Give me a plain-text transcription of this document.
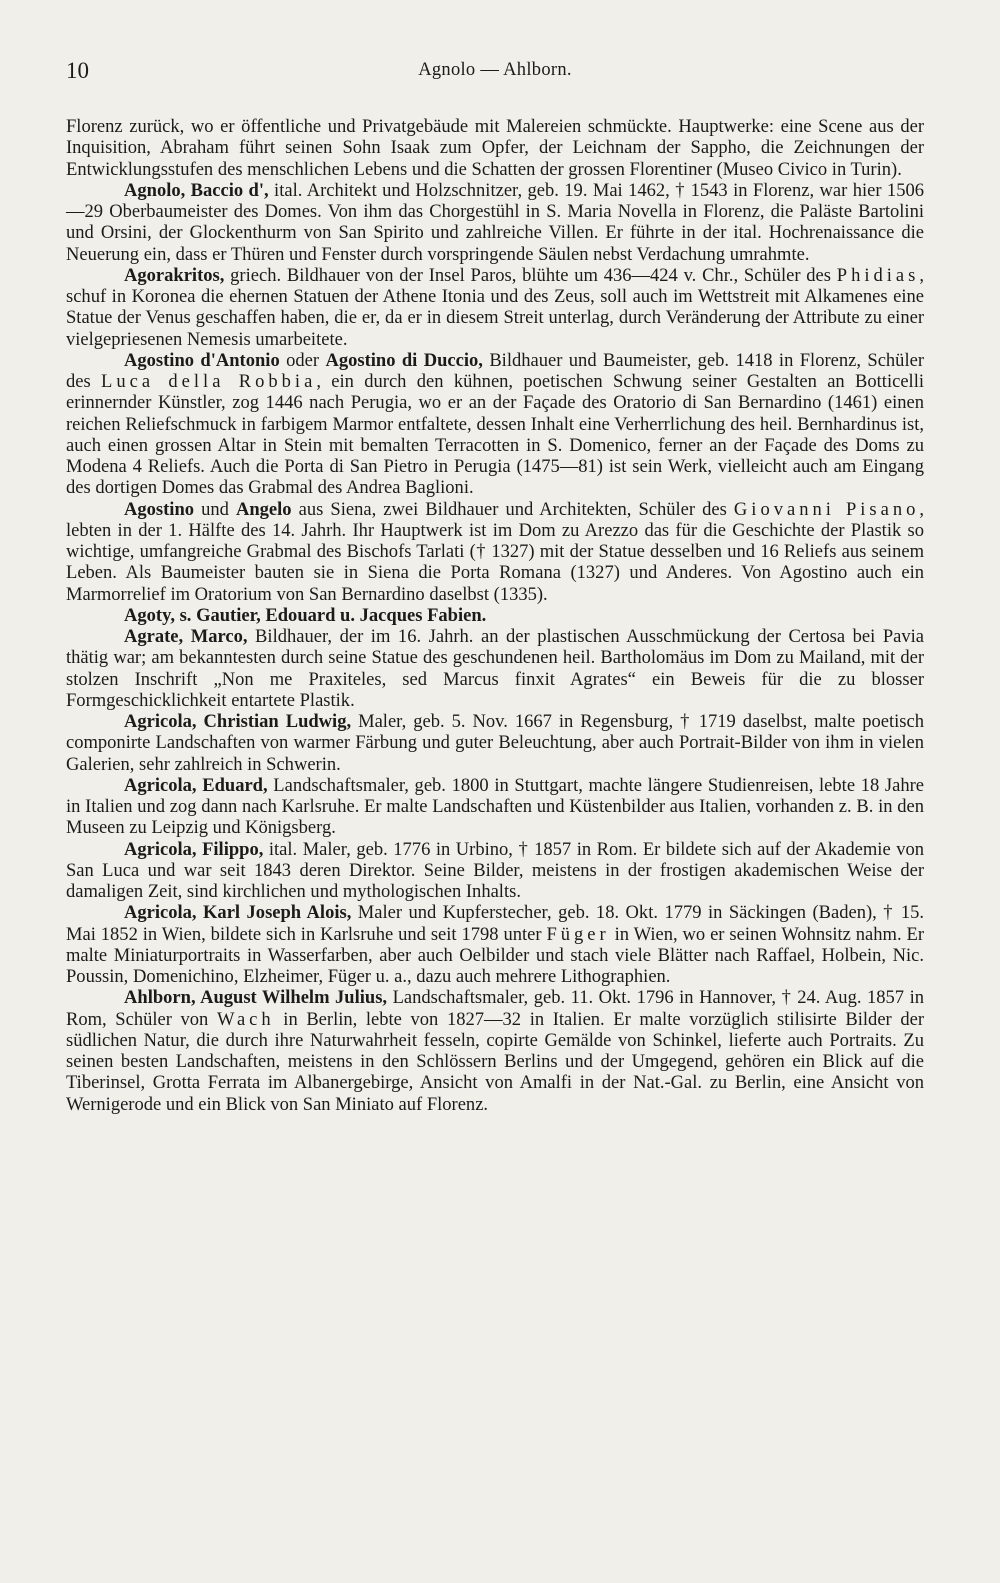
10	Agnolo — Ahlborn.

Florenz zurück, wo er öffentliche und Privatgebäude mit Malereien schmückte. Hauptwerke: eine Scene aus der Inquisition, Abraham führt seinen Sohn Isaak zum Opfer, der Leichnam der Sappho, die Zeichnungen der Entwicklungsstufen des menschlichen Lebens und die Schatten der grossen Florentiner (Museo Civico in Turin).

Agnolo, Baccio d', ital. Architekt und Holzschnitzer, geb. 19. Mai 1462, † 1543 in Florenz, war hier 1506—29 Oberbaumeister des Domes. Von ihm das Chorgestühl in S. Maria Novella in Florenz, die Paläste Bartolini und Orsini, der Glockenthurm von San Spirito und zahlreiche Villen. Er führte in der ital. Hochrenaissance die Neuerung ein, dass er Thüren und Fenster durch vorspringende Säulen nebst Verdachung umrahmte.

Agorakritos, griech. Bildhauer von der Insel Paros, blühte um 436—424 v. Chr., Schüler des Phidias, schuf in Koronea die ehernen Statuen der Athene Itonia und des Zeus, soll auch im Wettstreit mit Alkamenes eine Statue der Venus geschaffen haben, die er, da er in diesem Streit unterlag, durch Veränderung der Attribute zu einer vielgepriesenen Nemesis umarbeitete.

Agostino d'Antonio oder Agostino di Duccio, Bildhauer und Baumeister, geb. 1418 in Florenz, Schüler des Luca della Robbia, ein durch den kühnen, poetischen Schwung seiner Gestalten an Botticelli erinnernder Künstler, zog 1446 nach Perugia, wo er an der Façade des Oratorio di San Bernardino (1461) einen reichen Reliefschmuck in farbigem Marmor entfaltete, dessen Inhalt eine Verherrlichung des heil. Bernhardinus ist, auch einen grossen Altar in Stein mit bemalten Terracotten in S. Domenico, ferner an der Façade des Doms zu Modena 4 Reliefs. Auch die Porta di San Pietro in Perugia (1475—81) ist sein Werk, vielleicht auch am Eingang des dortigen Domes das Grabmal des Andrea Baglioni.

Agostino und Angelo aus Siena, zwei Bildhauer und Architekten, Schüler des Giovanni Pisano, lebten in der 1. Hälfte des 14. Jahrh. Ihr Hauptwerk ist im Dom zu Arezzo das für die Geschichte der Plastik so wichtige, umfangreiche Grabmal des Bischofs Tarlati († 1327) mit der Statue desselben und 16 Reliefs aus seinem Leben. Als Baumeister bauten sie in Siena die Porta Romana (1327) und Anderes. Von Agostino auch ein Marmorrelief im Oratorium von San Bernardino daselbst (1335).

Agoty, s. Gautier, Edouard u. Jacques Fabien.

Agrate, Marco, Bildhauer, der im 16. Jahrh. an der plastischen Ausschmückung der Certosa bei Pavia thätig war; am bekanntesten durch seine Statue des geschundenen heil. Bartholomäus im Dom zu Mailand, mit der stolzen Inschrift „Non me Praxiteles, sed Marcus finxit Agrates“ ein Beweis für die zu blosser Formgeschicklichkeit entartete Plastik.

Agricola, Christian Ludwig, Maler, geb. 5. Nov. 1667 in Regensburg, † 1719 daselbst, malte poetisch componirte Landschaften von warmer Färbung und guter Beleuchtung, aber auch Portrait-Bilder von ihm in vielen Galerien, sehr zahlreich in Schwerin.

Agricola, Eduard, Landschaftsmaler, geb. 1800 in Stuttgart, machte längere Studienreisen, lebte 18 Jahre in Italien und zog dann nach Karlsruhe. Er malte Landschaften und Küstenbilder aus Italien, vorhanden z. B. in den Museen zu Leipzig und Königsberg.

Agricola, Filippo, ital. Maler, geb. 1776 in Urbino, † 1857 in Rom. Er bildete sich auf der Akademie von San Luca und war seit 1843 deren Direktor. Seine Bilder, meistens in der frostigen akademischen Weise der damaligen Zeit, sind kirchlichen und mythologischen Inhalts.

Agricola, Karl Joseph Alois, Maler und Kupferstecher, geb. 18. Okt. 1779 in Säckingen (Baden), † 15. Mai 1852 in Wien, bildete sich in Karlsruhe und seit 1798 unter Füger in Wien, wo er seinen Wohnsitz nahm. Er malte Miniaturportraits in Wasserfarben, aber auch Oelbilder und stach viele Blätter nach Raffael, Holbein, Nic. Poussin, Domenichino, Elzheimer, Füger u. a., dazu auch mehrere Lithographien.

Ahlborn, August Wilhelm Julius, Landschaftsmaler, geb. 11. Okt. 1796 in Hannover, † 24. Aug. 1857 in Rom, Schüler von Wach in Berlin, lebte von 1827—32 in Italien. Er malte vorzüglich stilisirte Bilder der südlichen Natur, die durch ihre Naturwahrheit fesseln, copirte Gemälde von Schinkel, lieferte auch Portraits. Zu seinen besten Landschaften, meistens in den Schlössern Berlins und der Umgegend, gehören ein Blick auf die Tiberinsel, Grotta Ferrata im Albanergebirge, Ansicht von Amalfi in der Nat.-Gal. zu Berlin, eine Ansicht von Wernigerode und ein Blick von San Miniato auf Florenz.
